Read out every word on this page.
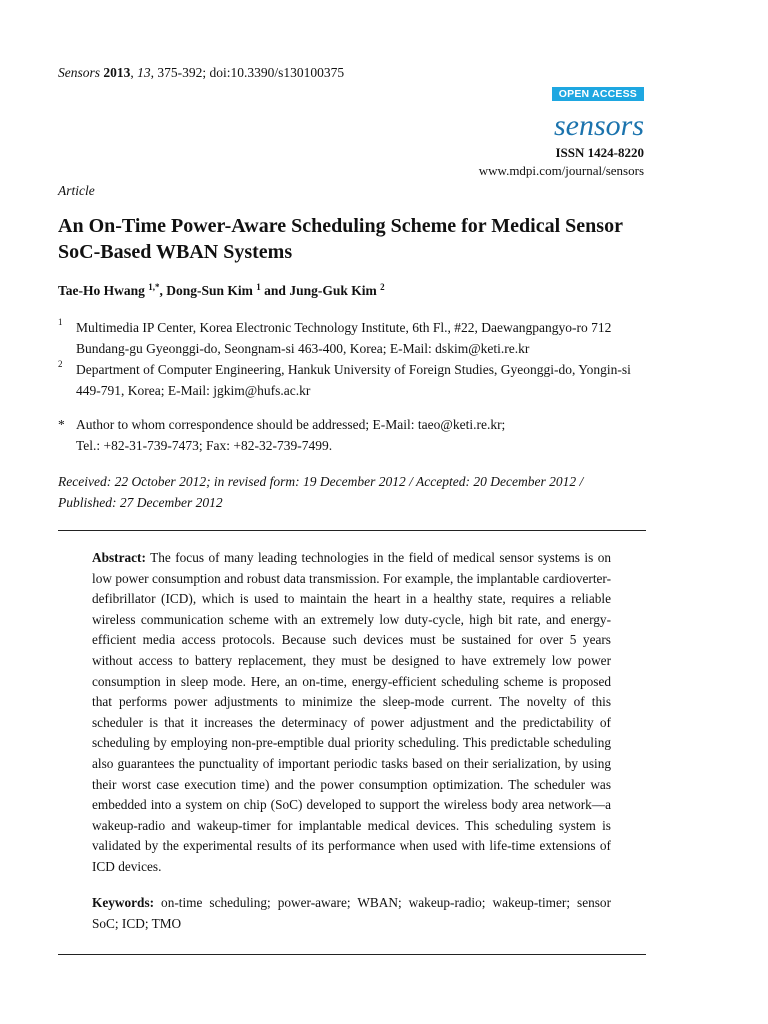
Sensors 2013, 13, 375-392; doi:10.3390/s130100375
OPEN ACCESS
sensors
ISSN 1424-8220
www.mdpi.com/journal/sensors
Article
An On-Time Power-Aware Scheduling Scheme for Medical Sensor SoC-Based WBAN Systems
Tae-Ho Hwang $^{1,*}$, Dong-Sun Kim $^1$ and Jung-Guk Kim $^2$
1 Multimedia IP Center, Korea Electronic Technology Institute, 6th Fl., #22, Daewangpangyo-ro 712 Bundang-gu Gyeonggi-do, Seongnam-si 463-400, Korea; E-Mail: dskim@keti.re.kr
2 Department of Computer Engineering, Hankuk University of Foreign Studies, Gyeonggi-do, Yongin-si 449-791, Korea; E-Mail: jgkim@hufs.ac.kr
* Author to whom correspondence should be addressed; E-Mail: taeo@keti.re.kr;
Tel.: +82-31-739-7473; Fax: +82-32-739-7499.
Received: 22 October 2012; in revised form: 19 December 2012 / Accepted: 20 December 2012 / Published: 27 December 2012
Abstract: The focus of many leading technologies in the field of medical sensor systems is on low power consumption and robust data transmission. For example, the implantable cardioverter-defibrillator (ICD), which is used to maintain the heart in a healthy state, requires a reliable wireless communication scheme with an extremely low duty-cycle, high bit rate, and energy-efficient media access protocols. Because such devices must be sustained for over 5 years without access to battery replacement, they must be designed to have extremely low power consumption in sleep mode. Here, an on-time, energy-efficient scheduling scheme is proposed that performs power adjustments to minimize the sleep-mode current. The novelty of this scheduler is that it increases the determinacy of power adjustment and the predictability of scheduling by employing non-pre-emptible dual priority scheduling. This predictable scheduling also guarantees the punctuality of important periodic tasks based on their serialization, by using their worst case execution time) and the power consumption optimization. The scheduler was embedded into a system on chip (SoC) developed to support the wireless body area network—a wakeup-radio and wakeup-timer for implantable medical devices. This scheduling system is validated by the experimental results of its performance when used with life-time extensions of ICD devices.
Keywords: on-time scheduling; power-aware; WBAN; wakeup-radio; wakeup-timer; sensor SoC; ICD; TMO
